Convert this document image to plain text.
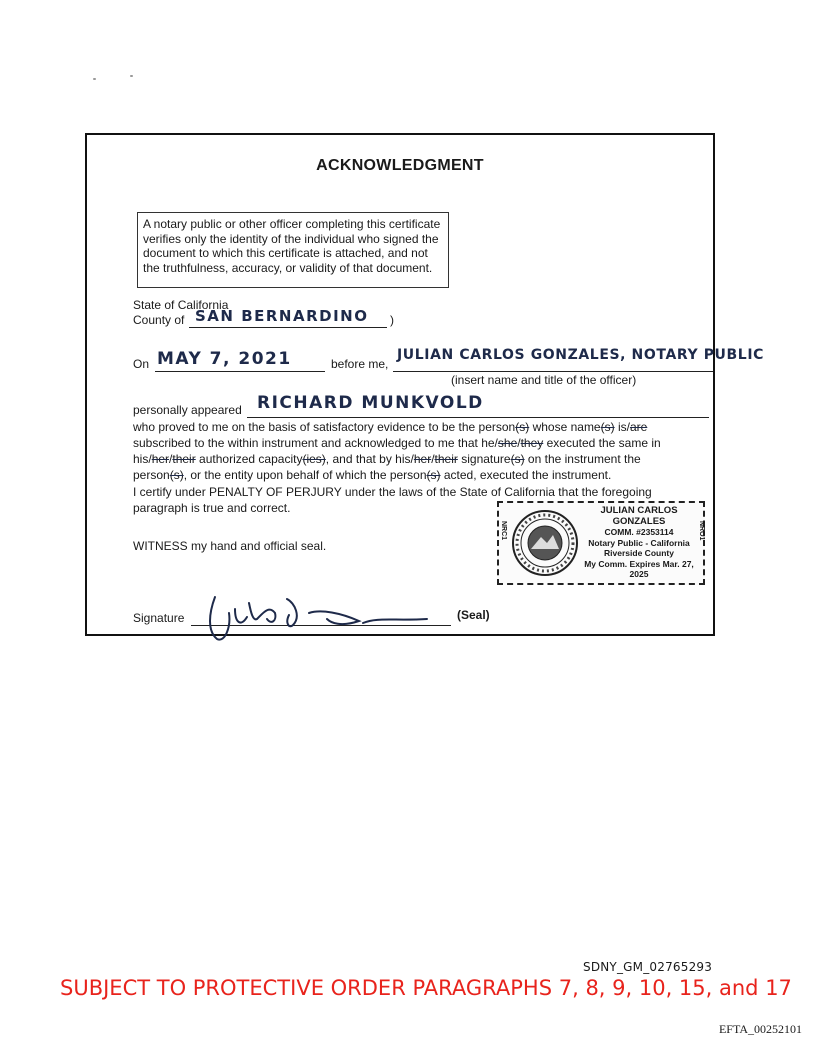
ACKNOWLEDGMENT
A notary public or other officer completing this certificate verifies only the identity of the individual who signed the document to which this certificate is attached, and not the truthfulness, accuracy, or validity of that document.
State of California
County of SAN BERNARDINO )
On MAY 7, 2021	before me,
JULIAN CARLOS GONZALES, NOTARY PUBLIC
(insert name and title of the officer)
personally appeared RICHARD MUNKVOLD
who proved to me on the basis of satisfactory evidence to be the person(s) whose name(s) is/are subscribed to the within instrument and acknowledged to me that he/she/they executed the same in his/her/their authorized capacity(ies), and that by his/her/their signature(s) on the instrument the person(s), or the entity upon behalf of which the person(s) acted, executed the instrument.
I certify under PENALTY OF PERJURY under the laws of the State of California that the foregoing paragraph is true and correct.
WITNESS my hand and official seal.
JULIAN CARLOS GONZALES
COMM. #2353114
Notary Public - California
Riverside County
My Comm. Expires Mar. 27, 2025
NRC1	NRO1
Signature	(Seal)
SDNY_GM_02765293
SUBJECT TO PROTECTIVE ORDER PARAGRAPHS 7, 8, 9, 10, 15, and 17
EFTA_00252101
